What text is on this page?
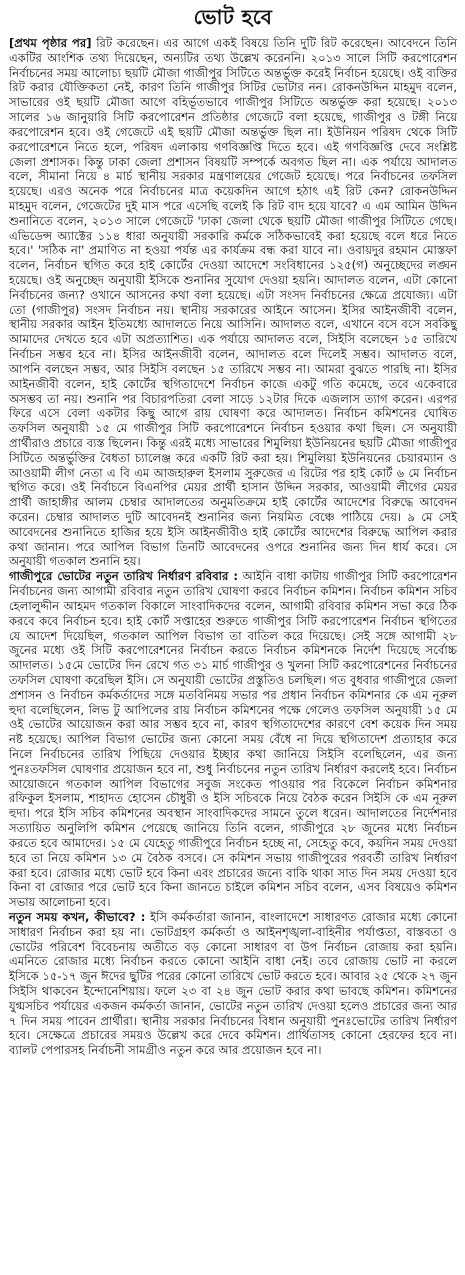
ভোট হবে

[প্রথম পৃষ্ঠার পর] রিট করেছেন। এর আগে একই বিষয়ে তিনি দুটি রিট করেছেন। আবেদনে তিনি একটির আংশিক তথ্য দিয়েছেন, অন্যটির তথ্য উল্লেখ করেননি। ২০১৩ সালে সিটি করপোরেশন নির্বাচনের সময় আলোচ্য ছয়টি মৌজা গাজীপুর সিটিতে অন্তর্ভুক্ত করেই নির্বাচন হয়েছে। ওই ব্যক্তির রিট করার যৌক্তিকতা নেই, কারণ তিনি গাজীপুর সিটির ভোটার নন। রোকনউদ্দিন মাহমুদ বলেন, সাভারের ওই ছয়টি মৌজা আগে বহির্ভূতভাবে গাজীপুর সিটিতে অন্তর্ভুক্ত করা হয়েছে। ২০১৩ সালের ১৬ জানুয়ারি সিটি করপোরেশন প্রতিষ্ঠার গেজেটে বলা হয়েছে, গাজীপুর ও টঙ্গী নিয়ে করপোরেশন হবে। ওই গেজেটে এই ছয়টি মৌজা অন্তর্ভুক্ত ছিল না। ইউনিয়ন পরিষদ থেকে সিটি করপোরেশনে নিতে হলে, পরিষদ এলাকায় গণবিজ্ঞপ্তি দিতে হবে। এই গণবিজ্ঞপ্তি দেবে সংশ্লিষ্ট জেলা প্রশাসক। কিন্তু ঢাকা জেলা প্রশাসন বিষয়টি সম্পর্কে অবগত ছিল না। এক পর্যায়ে আদালত বলে, সীমানা নিয়ে ৪ মার্চ স্থানীয় সরকার মন্ত্রণালয়ের গেজেট হয়েছে। পরে নির্বাচনের তফসিল হয়েছে। এরও অনেক পরে নির্বাচনের মাত্র কয়েকদিন আগে হঠাৎ এই রিট কেন? রোকনউদ্দিন মাহমুদ বলেন, গেজেটের দুই মাস পরে এসেছি বলেই কি রিট বাদ হয়ে যাবে? এ এম আমিন উদ্দিন শুনানিতে বলেন, ২০১৩ সালে গেজেটে 'ঢাকা জেলা থেকে ছয়টি মৌজা গাজীপুর সিটিতে গেছে। এভিডেন্স অ্যাক্টের ১১৪ ধারা অনুযায়ী সরকারি কর্মকে সঠিকভাবেই করা হয়েছে বলে ধরে নিতে হবে।' 'সঠিক না' প্রমাণিত না হওয়া পর্যন্ত এর কার্যক্রম বন্ধ করা যাবে না। ওবায়দুর রহমান মোস্তফা বলেন, নির্বাচন স্থগিত করে হাই কোর্টের দেওয়া আদেশে সংবিধানের ১২৫(গ) অনুচ্ছেদের লঙ্ঘন হয়েছে। ওই অনুচ্ছেদ অনুযায়ী ইসিকে শুনানির সুযোগ দেওয়া হয়নি। আদালত বলেন, এটা কোনো নির্বাচনের জন্য? ওখানে আসনের কথা বলা হয়েছে। এটা সংসদ নির্বাচনের ক্ষেত্রে প্রযোজ্য। এটা তো (গাজীপুর) সংসদ নির্বাচন নয়। স্থানীয় সরকারের আইনে আসেন। ইসির আইনজীবী বলেন, স্থানীয় সরকার আইন ইতিমধ্যে আদালতে নিয়ে আসিনি। আদালত বলে, এখানে বসে বসে সবকিছু আমাদের দেখতে হবে এটা অপ্রত্যাশিত। এক পর্যায়ে আদালত বলে, সিইসি বলেছেন ১৫ তারিখে নির্বাচন সম্ভব হবে না। ইসির আইনজীবী বলেন, আদালত বলে দিলেই সম্ভব। আদালত বলে, আপনি বলছেন সম্ভব, আর সিইসি বলছেন ১৫ তারিখে সম্ভব না। আমরা বুঝতে পারছি না। ইসির আইনজীবী বলেন, হাই কোর্টের স্থগিতাদেশে নির্বাচন কাজে একটু গতি কমেছে, তবে একেবারে অসম্ভব তা নয়। শুনানি পর বিচারপতিরা বেলা সাড়ে ১২টার দিকে এজলাস ত্যাগ করেন। এরপর ফিরে এসে বেলা একটার কিছু আগে রায় ঘোষণা করে আদালত। নির্বাচন কমিশনের ঘোষিত তফসিল অনুযায়ী ১৫ মে গাজীপুর সিটি করপোরেশনে নির্বাচন হওয়ার কথা ছিল। সে অনুযায়ী প্রার্থীরাও প্রচারে ব্যস্ত ছিলেন। কিন্তু এরই মধ্যে সাভারের শিমুলিয়া ইউনিয়নের ছয়টি মৌজা গাজীপুর সিটিতে অন্তর্ভুক্তির বৈধতা চ্যালেঞ্জ করে একটি রিট করা হয়। শিমুলিয়া ইউনিয়নের চেয়ারম্যান ও আওয়ামী লীগ নেতা এ বি এম আজহারুল ইসলাম সুরুজের এ রিটের পর হাই কোর্ট ৬ মে নির্বাচন স্থগিত করে। ওই নির্বাচনে বিএনপির মেয়র প্রার্থী হাসান উদ্দিন সরকার, আওয়ামী লীগের মেয়র প্রার্থী জাহাঙ্গীর আলম চেম্বার আদালতের অনুমতিক্রমে হাই কোর্টের আদেশের বিরুদ্ধে আবেদন করেন। চেম্বার আদালত দুটি আবেদনই শুনানির জন্য নিয়মিত বেঞ্চে পাঠিয়ে দেয়। ৯ মে সেই আবেদনের শুনানিতে হাজির হয়ে ইসি আইনজীবীও হাই কোর্টের আদেশের বিরুদ্ধে আপিল করার কথা জানান। পরে আপিল বিভাগ তিনটি আবেদনের ওপরে শুনানির জন্য দিন ধার্য করে। সে অনুযায়ী গতকাল শুনানি হয়।

গাজীপুরে ভোটের নতুন তারিখ নির্ধারণ রবিবার : আইনি বাধা কাটায় গাজীপুর সিটি করপোরেশন নির্বাচনের জন্য আগামী রবিবার নতুন তারিখ ঘোষণা করবে নির্বাচন কমিশন। নির্বাচন কমিশন সচিব হেলালুদ্দীন আহমদ গতকাল বিকালে সাংবাদিকদের বলেন, আগামী রবিবার কমিশন সভা করে ঠিক করবে কবে নির্বাচন হবে। হাই কোর্ট সপ্তাহের শুরুতে গাজীপুর সিটি করপোরেশন নির্বাচন স্থগিতের যে আদেশ দিয়েছিল, গতকাল আপিল বিভাগ তা বাতিল করে দিয়েছে। সেই সঙ্গে আগামী ২৮ জুনের মধ্যে ওই সিটি করপোরেশনের নির্বাচন করতে নির্বাচন কমিশনকে নির্দেশ দিয়েছে সর্বোচ্চ আদালত। ১৫মে ভোটের দিন রেখে গত ৩১ মার্চ গাজীপুর ও খুলনা সিটি করপোরেশনের নির্বাচনের তফসিল ঘোষণা করেছিল ইসি। সে অনুযায়ী ভোটের প্রস্তুতিও চলছিল। গত বুধবার গাজীপুরে জেলা প্রশাসন ও নির্বাচন কর্মকর্তাদের সঙ্গে মতবিনিময় সভার পর প্রধান নির্বাচন কমিশনার কে এম নূরুল হুদা বলেছিলেন, লিভ টু আপিলের রায় নির্বাচন কমিশনের পক্ষে গেলেও তফসিল অনুযায়ী ১৫ মে ওই ভোটের আয়োজন করা আর সম্ভব হবে না, কারণ স্থগিতাদেশের কারণে বেশ কয়েক দিন সময় নষ্ট হয়েছে। আপিল বিভাগ ভোটের জন্য কোনো সময় বেঁধে না দিয়ে স্থগিতাদেশ প্রত্যাহার করে নিলে নির্বাচনের তারিখ পিছিয়ে দেওয়ার ইচ্ছার কথা জানিয়ে সিইসি বলেছিলেন, এর জন্য পুনঃতফসিল ঘোষণার প্রয়োজন হবে না, শুধু নির্বাচনের নতুন তারিখ নির্ধারণ করলেই হবে। নির্বাচন আয়োজনে গতকাল আপিল বিভাগের সবুজ সংকেত পাওয়ার পর বিকেলে নির্বাচন কমিশনার রফিকুল ইসলাম, শাহাদত হোসেন চৌধুরী ও ইসি সচিবকে নিয়ে বৈঠক করেন সিইসি কে এম নূরুল হুদা। পরে ইসি সচিব কমিশনের অবস্থান সাংবাদিকদের সামনে তুলে ধরেন। আদালতের নির্দেশনার সত্যায়িত অনুলিপি কমিশন পেয়েছে জানিয়ে তিনি বলেন, গাজীপুরে ২৮ জুনের মধ্যে নির্বাচন করতে হবে আমাদের। ১৫ মে যেহেতু গাজীপুরে নির্বাচন হচ্ছে না, সেহেতু কবে, কয়দিন সময় দেওয়া হবে তা নিয়ে কমিশন ১৩ মে বৈঠক বসবে। সে কমিশন সভায় গাজীপুরের পরবর্তী তারিখ নির্ধারণ করা হবে। রোজার মধ্যে ভোট হবে কিনা এবং প্রচারের জন্যে বাকি থাকা সাত দিন সময় দেওয়া হবে কিনা বা রোজার পরে ভোট হবে কিনা জানতে চাইলে কমিশন সচিব বলেন, এসব বিষয়েও কমিশন সভায় আলোচনা হবে।

নতুন সময় কখন, কীভাবে? : ইসি কর্মকর্তারা জানান, বাংলাদেশে সাধারণত রোজার মধ্যে কোনো সাধারণ নির্বাচন করা হয় না। ভোটগ্রহণ কর্মকর্তা ও আইনশৃঙ্খলা-বাহিনীর পর্যাপ্ততা, বাস্তবতা ও ভোটের পরিবেশ বিবেচনায় অতীতে বড় কোনো সাধারণ বা উপ নির্বাচন রোজায় করা হয়নি। এমনিতে রোজার মধ্যে নির্বাচন করতে কোনো আইনি বাধা নেই। তবে রোজায় ভোট না করলে ইসিকে ১৫-১৭ জুন ঈদের ছুটির পরের কোনো তারিখে ভোট করতে হবে। আবার ২৫ থেকে ২৭ জুন সিইসি থাকবেন ইন্দোনেশিয়ায়। ফলে ২৩ বা ২৪ জুন ভোট করার কথা ভাবছে কমিশন। কমিশনের যুগ্মসচিব পর্যায়ের একজন কর্মকর্তা জানান, ভোটের নতুন তারিখ দেওয়া হলেও প্রচারের জন্য আর ৭ দিন সময় পাবেন প্রার্থীরা। স্থানীয় সরকার নির্বাচনের বিধান অনুযায়ী পুনঃভোটের তারিখ নির্ধারণ হবে। সেক্ষেত্রে প্রচারের সময়ও উল্লেখ করে দেবে কমিশন। প্রার্থিতাসহ কোনো হেরফের হবে না। ব্যালট পেপারসহ নির্বাচনী সামগ্রীও নতুন করে আর প্রয়োজন হবে না।
